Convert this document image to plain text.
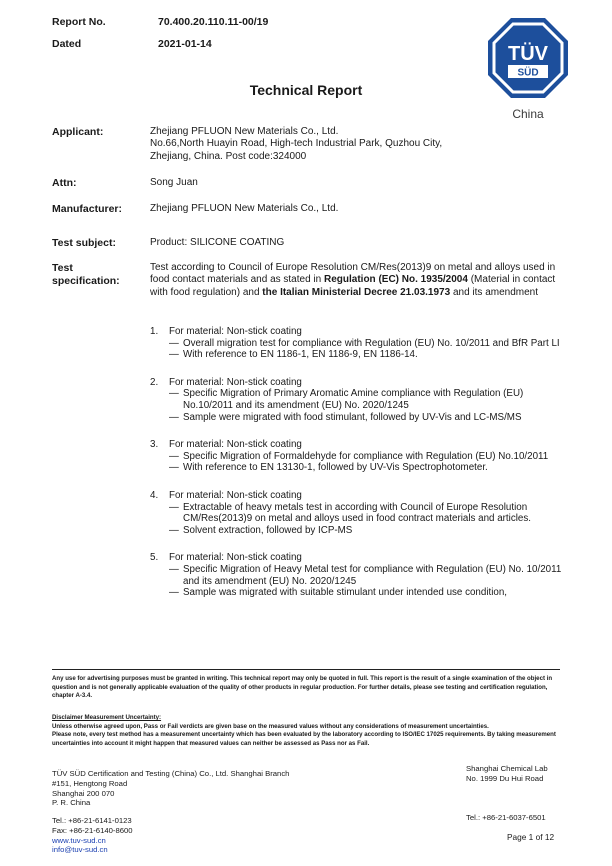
Report No.	70.400.20.110.11-00/19
Dated	2021-01-14	TÜV
SÜD
China
Technical Report
Applicant:	Zhejiang PFLUON New Materials Co., Ltd.

No.66,North Huayin Road, High-tech Industrial Park, Quzhou City,

Zhejiang, China. Post code:324000

Attn:	Song Juan
Manufacturer:	Zhejiang PFLUON New Materials Co., Ltd.
Test subject:	Product: SILICONE COATING
Test
specification:
Test according to Council of Europe Resolution CM/Res(2013)9 on metal and alloys used in food contact materials and as stated in Regulation (EC) No. 1935/2004 (Material in contact with food regulation) and the Italian Ministerial Decree 21.03.1973 and its amendment
1.	For material: Non-stick coating
— Overall migration test for compliance with Regulation (EU) No. 10/2011 and BfR Part LI
— With reference to EN 1186-1, EN 1186-9, EN 1186-14.
2.	For material: Non-stick coating
— Specific Migration of Primary Aromatic Amine compliance with Regulation (EU) No.10/2011 and its amendment (EU) No. 2020/1245
— Sample were migrated with food stimulant, followed by UV-Vis and LC-MS/MS
3.	For material: Non-stick coating
— Specific Migration of Formaldehyde for compliance with Regulation (EU) No.10/2011
— With reference to EN 13130-1, followed by UV-Vis Spectrophotometer.
4.	For material: Non-stick coating
— Extractable of heavy metals test in according with Council of Europe Resolution CM/Res(2013)9 on metal and alloys used in food contract materials and articles.
— Solvent extraction, followed by ICP-MS
5.	For material: Non-stick coating
— Specific Migration of Heavy Metal test for compliance with Regulation (EU) No. 10/2011 and its amendment (EU) No. 2020/1245
— Sample was migrated with suitable stimulant under intended use condition,

Any use for advertising purposes must be granted in writing. This technical report may only be quoted in full. This report is the result of a single examination of the object in question and is not generally applicable evaluation of the quality of other products in regular production. For further details, please see testing and certification regulation, chapter A-3.4.

Disclaimer Measurement Uncertainty:

Unless otherwise agreed upon, Pass or Fail verdicts are given base on the measured values without any considerations of measurement uncertainties.

Please note, every test method has a measurement uncertainty which has been evaluated by the laboratory according to ISO/IEC 17025 requirements. By taking measurement uncertainties into account it might happen that measured values can neither be assessed as Pass nor as Fail.

TÜV SÜD Certification and Testing (China) Co., Ltd. Shanghai Branch
#151, Hengtong Road
Shanghai 200 070
P. R. China
Tel.: +86-21-6141-0123
Fax: +86-21-6140-8600
www.tuv-sud.cn
info@tuv-sud.cn
Shanghai Chemical Lab
No. 1999 Du Hui Road
Tel.: +86-21-6037-6501
Page 1 of 12
